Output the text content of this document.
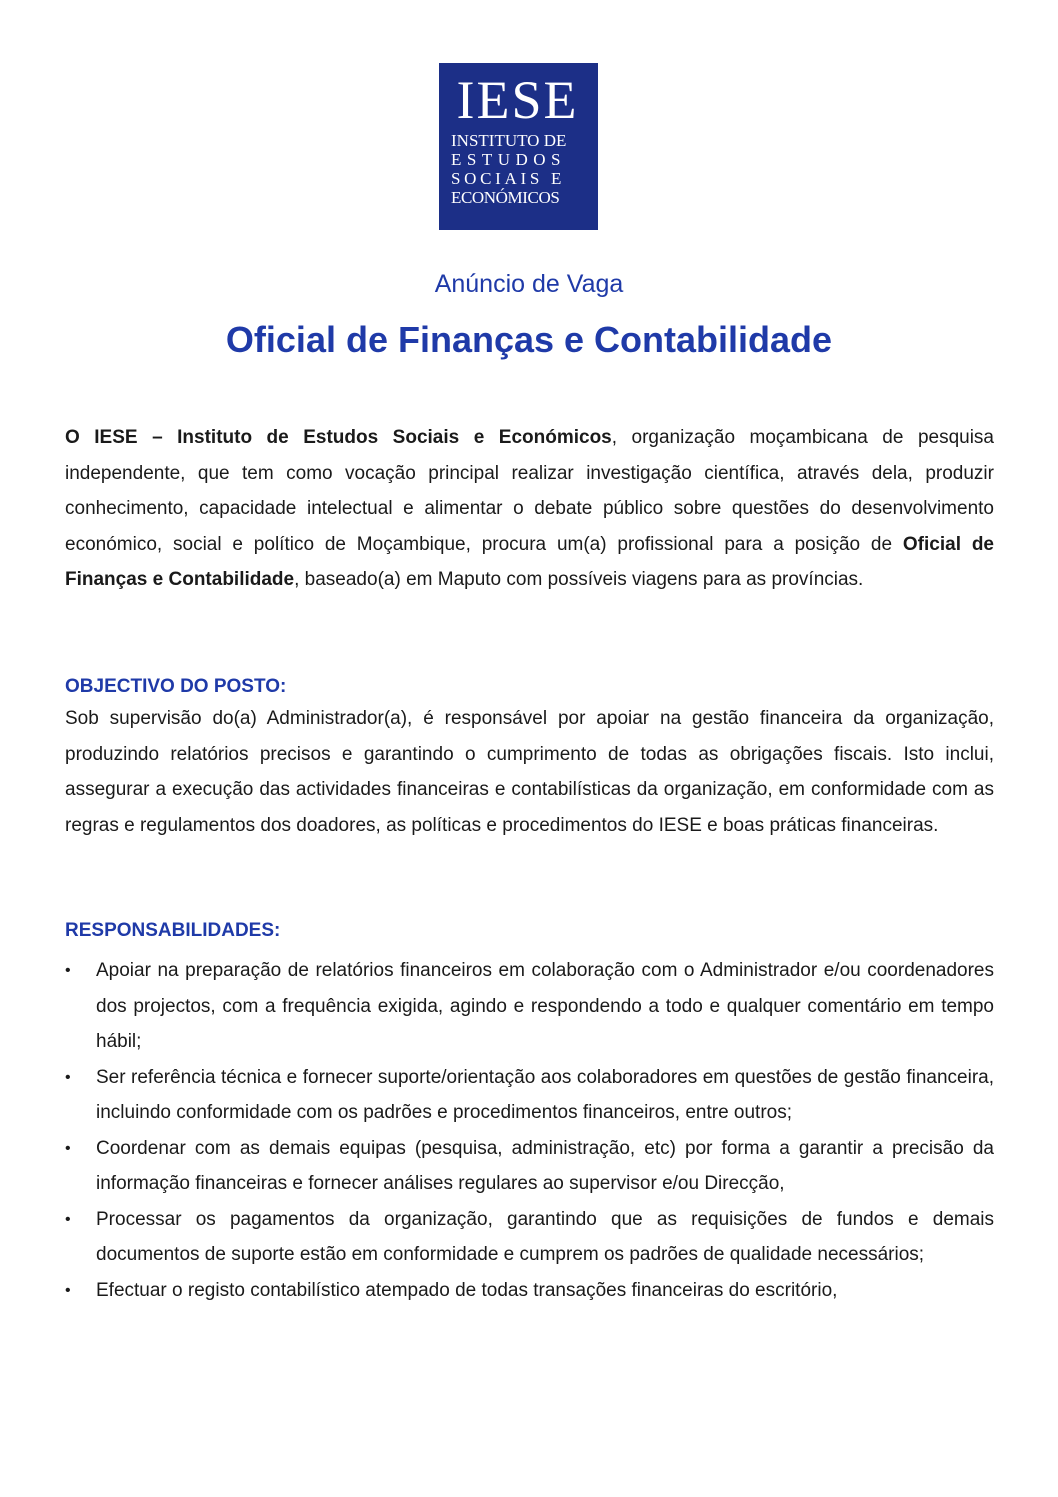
IESE
INSTITUTO DE
ESTUDOS
SOCIAIS E
ECONÓMICOS
Anúncio de Vaga
Oficial de Finanças e Contabilidade

O IESE – Instituto de Estudos Sociais e Económicos, organização moçambicana de pesquisa independente, que tem como vocação principal realizar investigação científica, através dela, produzir conhecimento, capacidade intelectual e alimentar o debate público sobre questões do desenvolvimento económico, social e político de Moçambique, procura um(a) profissional para a posição de Oficial de Finanças e Contabilidade, baseado(a) em Maputo com possíveis viagens para as províncias.

OBJECTIVO DO POSTO:

Sob supervisão do(a) Administrador(a), é responsável por apoiar na gestão financeira da organização, produzindo relatórios precisos e garantindo o cumprimento de todas as obrigações fiscais. Isto inclui, assegurar a execução das actividades financeiras e contabilísticas da organização, em conformidade com as regras e regulamentos dos doadores, as políticas e procedimentos do IESE e boas práticas financeiras.

RESPONSABILIDADES:
•	Apoiar na preparação de relatórios financeiros em colaboração com o Administrador e/ou coordenadores dos projectos, com a frequência exigida, agindo e respondendo a todo e qualquer comentário em tempo hábil;
•	Ser referência técnica e fornecer suporte/orientação aos colaboradores em questões de gestão financeira, incluindo conformidade com os padrões e procedimentos financeiros, entre outros;
•	Coordenar com as demais equipas (pesquisa, administração, etc) por forma a garantir a precisão da informação financeiras e fornecer análises regulares ao supervisor e/ou Direcção,
•	Processar os pagamentos da organização, garantindo que as requisições de fundos e demais documentos de suporte estão em conformidade e cumprem os padrões de qualidade necessários;
•	Efectuar o registo contabilístico atempado de todas transações financeiras do escritório,
